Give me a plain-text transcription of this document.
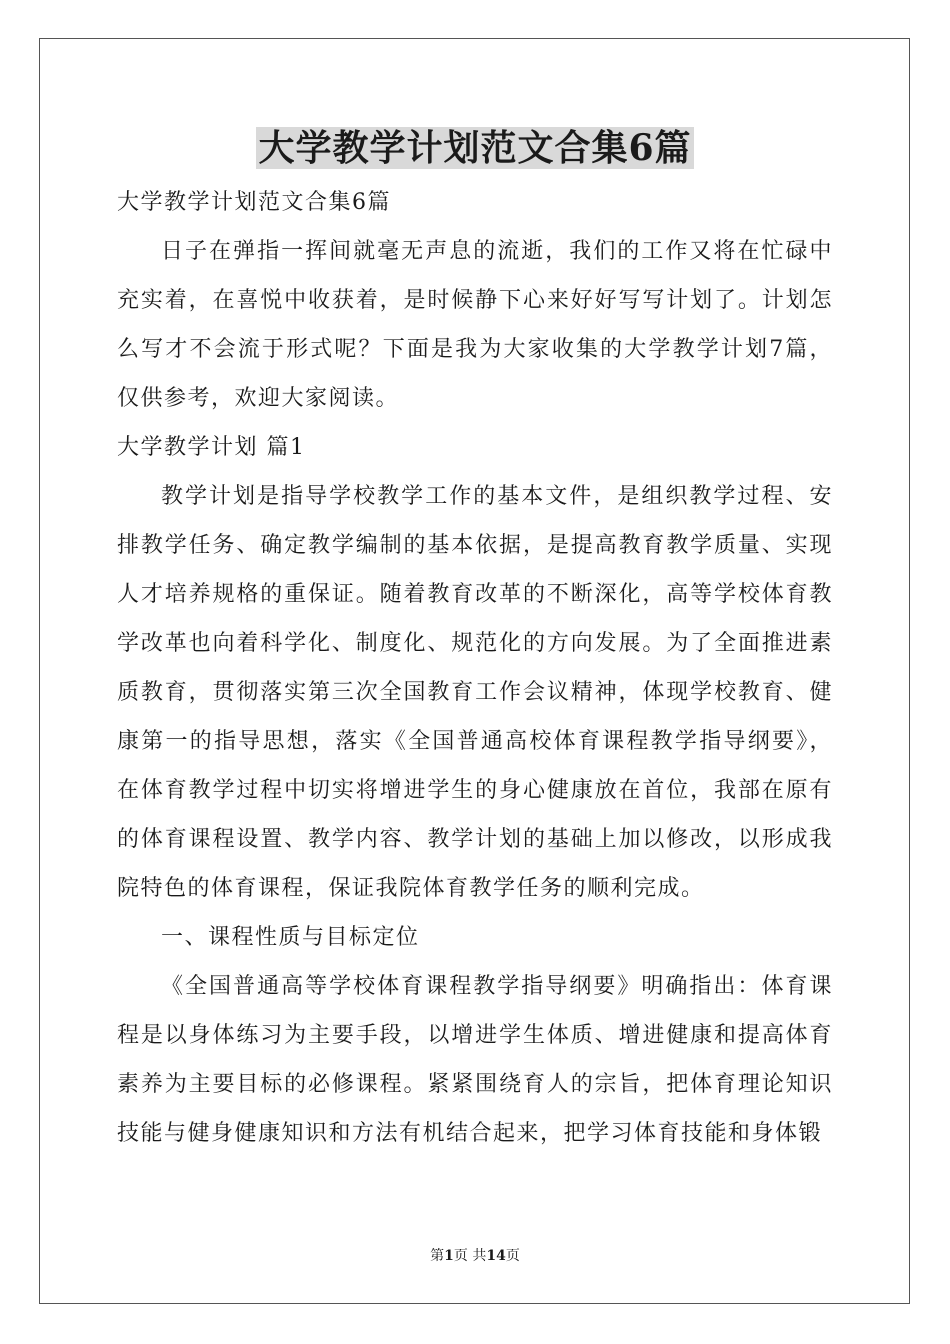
大学教学计划范文合集6篇

大学教学计划范文合集6篇

日子在弹指一挥间就毫无声息的流逝，我们的工作又将在忙碌中充实着，在喜悦中收获着，是时候静下心来好好写写计划了。计划怎么写才不会流于形式呢？下面是我为大家收集的大学教学计划7篇，仅供参考，欢迎大家阅读。

大学教学计划 篇1

教学计划是指导学校教学工作的基本文件，是组织教学过程、安排教学任务、确定教学编制的基本依据，是提高教育教学质量、实现人才培养规格的重保证。随着教育改革的不断深化，高等学校体育教学改革也向着科学化、制度化、规范化的方向发展。为了全面推进素质教育，贯彻落实第三次全国教育工作会议精神，体现学校教育、健康第一的指导思想，落实《全国普通高校体育课程教学指导纲要》，在体育教学过程中切实将增进学生的身心健康放在首位，我部在原有的体育课程设置、教学内容、教学计划的基础上加以修改，以形成我院特色的体育课程，保证我院体育教学任务的顺利完成。

一、课程性质与目标定位

《全国普通高等学校体育课程教学指导纲要》明确指出：体育课程是以身体练习为主要手段，以增进学生体质、增进健康和提高体育素养为主要目标的必修课程。紧紧围绕育人的宗旨，把体育理论知识技能与健身健康知识和方法有机结合起来，把学习体育技能和身体锻

第1页 共14页
